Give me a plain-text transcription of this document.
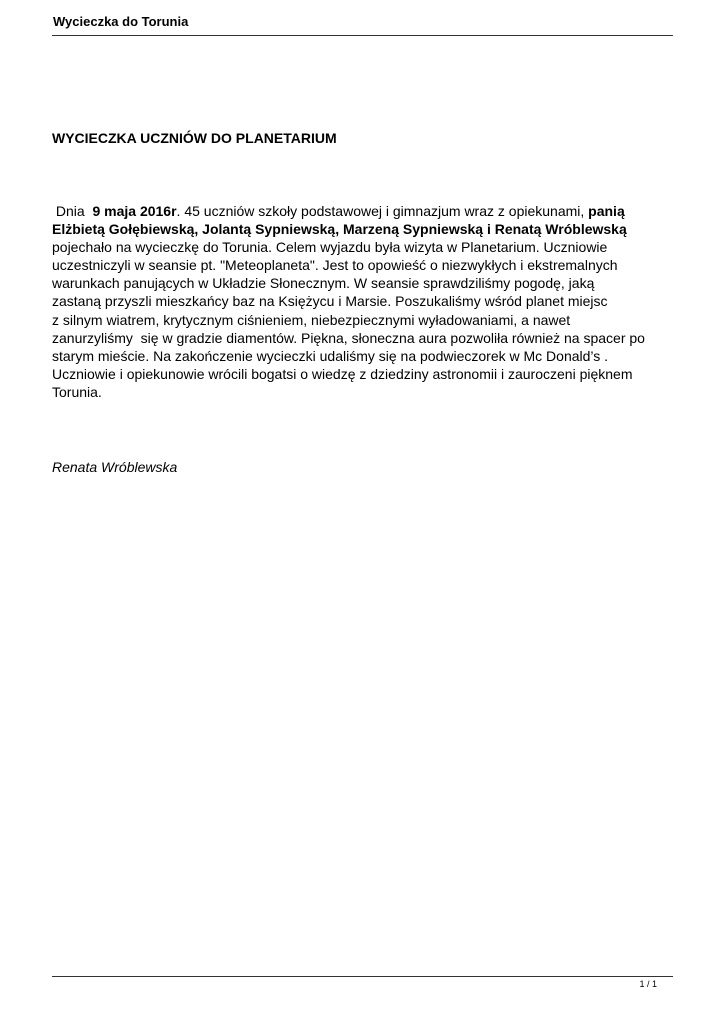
Wycieczka do Torunia
WYCIECZKA UCZNIÓW DO PLANETARIUM

Dnia  9 maja 2016r. 45 uczniów szkoły podstawowej i gimnazjum wraz z opiekunami, panią

Elżbietą Gołębiewską, Jolantą Sypniewską, Marzeną Sypniewską i Renatą Wróblewską

pojechało na wycieczkę do Torunia. Celem wyjazdu była wizyta w Planetarium. Uczniowie

uczestniczyli w seansie pt. "Meteoplaneta". Jest to opowieść o niezwykłych i ekstremalnych

warunkach panujących w Układzie Słonecznym. W seansie sprawdziliśmy pogodę, jaką

zastaną przyszli mieszkańcy baz na Księżycu i Marsie. Poszukaliśmy wśród planet miejsc

z silnym wiatrem, krytycznym ciśnieniem, niebezpiecznymi wyładowaniami, a nawet

zanurzyliśmy  się w gradzie diamentów. Piękna, słoneczna aura pozwoliła również na spacer po

starym mieście. Na zakończenie wycieczki udaliśmy się na podwieczorek w Mc Donald’s .

Uczniowie i opiekunowie wrócili bogatsi o wiedzę z dziedziny astronomii i zauroczeni pięknem

Torunia.

Renata Wróblewska
1 / 1
